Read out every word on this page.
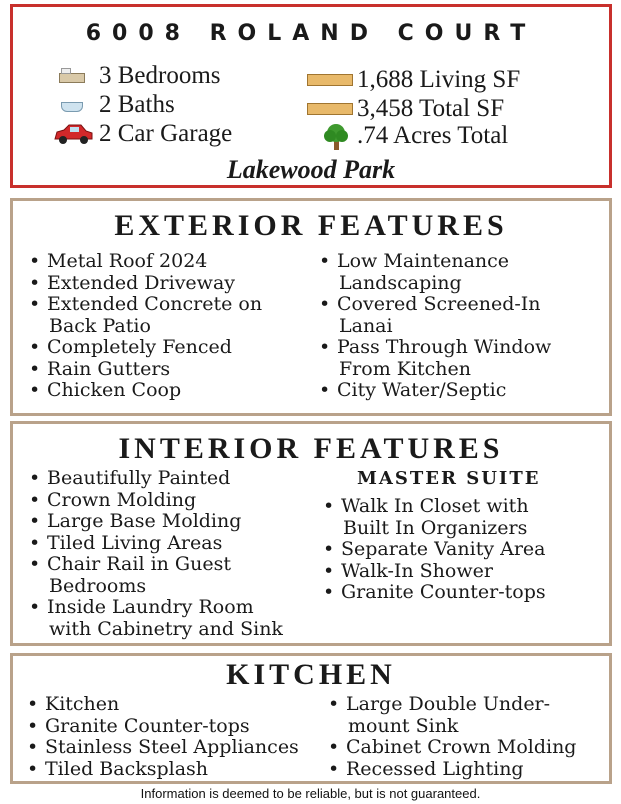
6008 ROLAND COURT
3 Bedrooms
2 Baths
2 Car Garage
1,688 Living SF
3,458 Total SF
.74 Acres Total
Lakewood Park
EXTERIOR FEATURES
• Metal Roof 2024
• Extended Driveway
• Extended Concrete on
Back Patio
• Completely Fenced
• Rain Gutters
• Chicken Coop
• Low Maintenance
Landscaping
• Covered Screened-In
Lanai
• Pass Through Window
From Kitchen
• City Water/Septic
INTERIOR FEATURES
• Beautifully Painted
• Crown Molding
• Large Base Molding
• Tiled Living Areas
• Chair Rail in Guest
Bedrooms
• Inside Laundry Room
with Cabinetry and Sink
MASTER SUITE
• Walk In Closet with
Built In Organizers
• Separate Vanity Area
• Walk-In Shower
• Granite Counter-tops
KITCHEN
• Kitchen
• Granite Counter-tops
• Stainless Steel Appliances
• Tiled Backsplash
• Large Double Under-
mount Sink
• Cabinet Crown Molding
• Recessed Lighting
Information is deemed to be reliable, but is not guaranteed.
